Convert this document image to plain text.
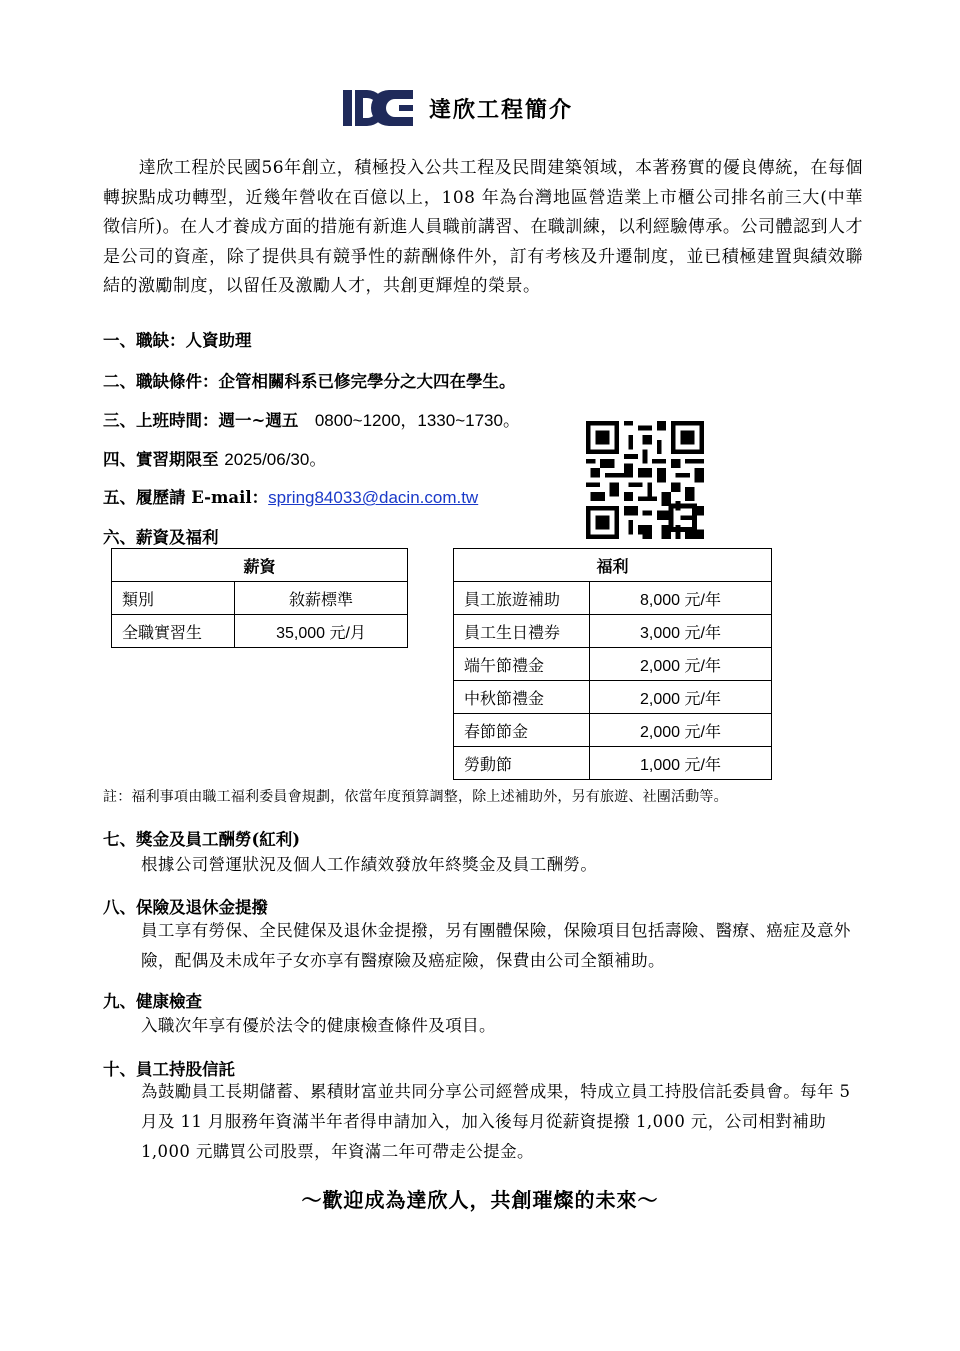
達欣工程簡介
達欣工程於民國56年創立，積極投入公共工程及民間建築領域，本著務實的優良傳統，在每個轉捩點成功轉型，近幾年營收在百億以上，108 年為台灣地區營造業上市櫃公司排名前三大(中華徵信所)。在人才養成方面的措施有新進人員職前講習、在職訓練，以利經驗傳承。公司體認到人才是公司的資產，除了提供具有競爭性的薪酬條件外，訂有考核及升遷制度，並已積極建置與績效聯結的激勵制度，以留任及激勵人才，共創更輝煌的榮景。
一、職缺：人資助理
二、職缺條件：企管相關科系已修完學分之大四在學生。
三、上班時間：週一~週五　0800~1200，1330~1730。
四、實習期限至 2025/06/30。
五、履歷請 E-mail：spring84033@dacin.com.tw
六、薪資及福利
薪資	
類別	敘薪標準
全職實習生	35,000 元/月
福利	
員工旅遊補助	8,000 元/年
員工生日禮券	3,000 元/年
端午節禮金	2,000 元/年
中秋節禮金	2,000 元/年
春節節金	2,000 元/年
勞動節	1,000 元/年
註：福利事項由職工福利委員會規劃，依當年度預算調整，除上述補助外，另有旅遊、社團活動等。
七、獎金及員工酬勞(紅利)
根據公司營運狀況及個人工作績效發放年終獎金及員工酬勞。
八、保險及退休金提撥
員工享有勞保、全民健保及退休金提撥，另有團體保險，保險項目包括壽險、醫療、癌症及意外險，配偶及未成年子女亦享有醫療險及癌症險，保費由公司全額補助。
九、健康檢查
入職次年享有優於法令的健康檢查條件及項目。
十、員工持股信託
為鼓勵員工長期儲蓄、累積財富並共同分享公司經營成果，特成立員工持股信託委員會。每年 5 月及 11 月服務年資滿半年者得申請加入，加入後每月從薪資提撥 1,000 元，公司相對補助 1,000 元購買公司股票，年資滿二年可帶走公提金。
～歡迎成為達欣人，共創璀燦的未來～
